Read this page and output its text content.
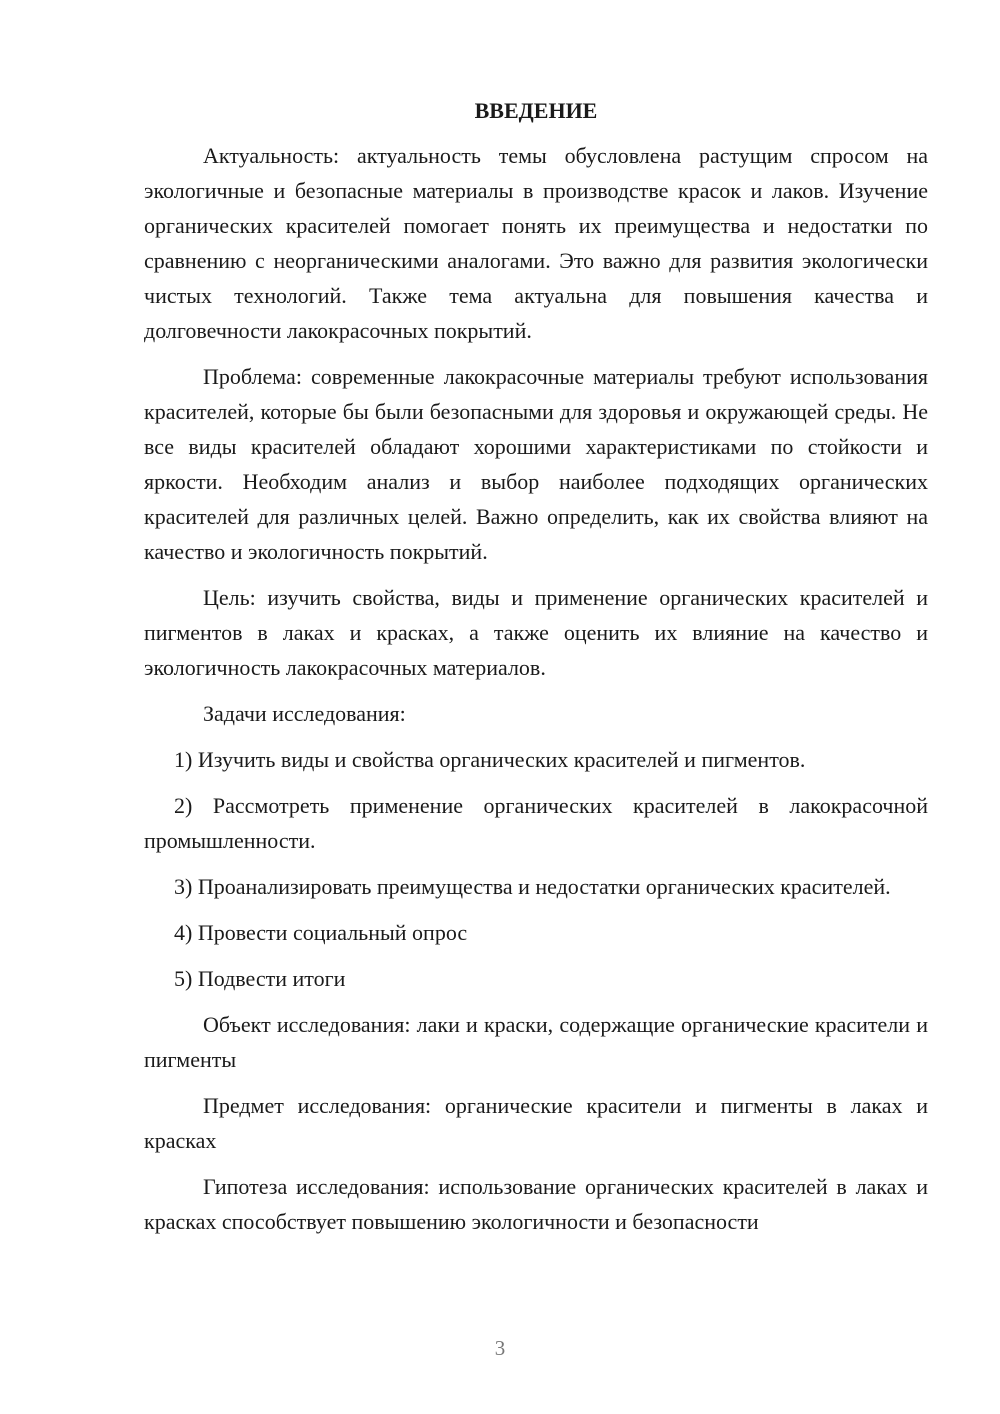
ВВЕДЕНИЕ

Актуальность: актуальность темы обусловлена растущим спросом на экологичные и безопасные материалы в производстве красок и лаков. Изучение органических красителей помогает понять их преимущества и недостатки по сравнению с неорганическими аналогами. Это важно для развития экологически чистых технологий. Также тема актуальна для повышения качества и долговечности лакокрасочных покрытий.

Проблема: современные лакокрасочные материалы требуют использования красителей, которые бы были безопасными для здоровья и окружающей среды. Не все виды красителей обладают хорошими характеристиками по стойкости и яркости. Необходим анализ и выбор наиболее подходящих органических красителей для различных целей. Важно определить, как их свойства влияют на качество и экологичность покрытий.

Цель: изучить свойства, виды и применение органических красителей и пигментов в лаках и красках, а также оценить их влияние на качество и экологичность лакокрасочных материалов.

Задачи исследования:

1) Изучить виды и свойства органических красителей и пигментов.

2) Рассмотреть применение органических красителей в лакокрасочной промышленности.

3) Проанализировать преимущества и недостатки органических красителей.

4) Провести социальный опрос

5) Подвести итоги

Объект исследования: лаки и краски, содержащие органические красители и пигменты

Предмет исследования: органические красители и пигменты в лаках и красках

Гипотеза исследования: использование органических красителей в лаках и красках способствует повышению экологичности и безопасности

3
